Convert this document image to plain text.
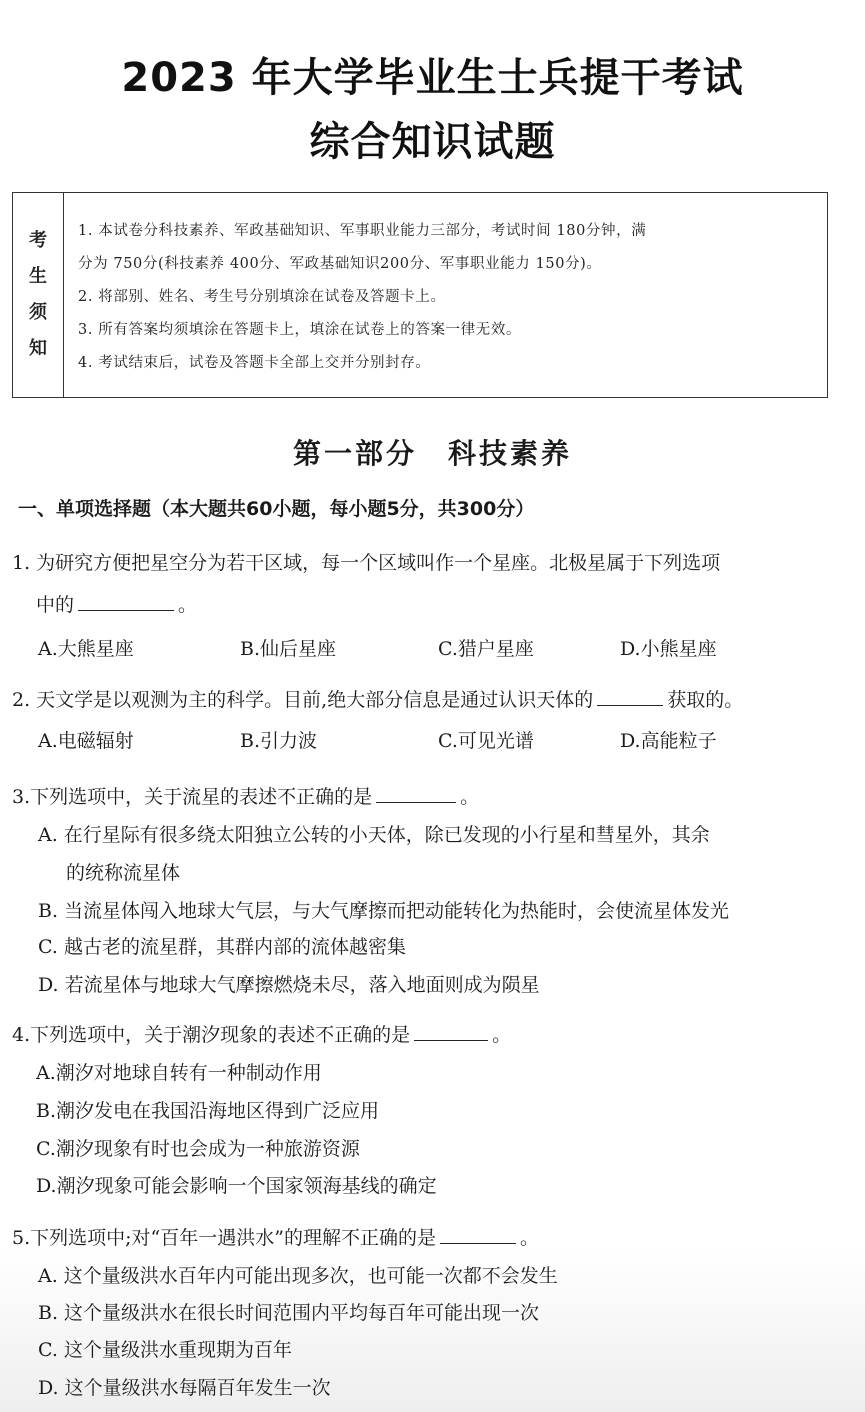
2023 年大学毕业生士兵提干考试
综合知识试题
考
生
须
知
1. 本试卷分科技素养、军政基础知识、军事职业能力三部分，考试时间 180分钟，满
分为 750分(科技素养 400分、军政基础知识200分、军事职业能力 150分)。
2. 将部别、姓名、考生号分别填涂在试卷及答题卡上。
3. 所有答案均须填涂在答题卡上，填涂在试卷上的答案一律无效。
4. 考试结束后，试卷及答题卡全部上交并分别封存。
第一部分　科技素养
一、单项选择题（本大题共60小题，每小题5分，共300分）
1. 为研究方便把星空分为若干区域，每一个区域叫作一个星座。北极星属于下列选项
中的	。
A.大熊星座	B.仙后星座	C.猎户星座	D.小熊星座
2. 天文学是以观测为主的科学。目前,绝大部分信息是通过认识天体的	获取的。
A.电磁辐射	B.引力波	C.可见光谱	D.高能粒子
3.下列选项中，关于流星的表述不正确的是	。
A. 在行星际有很多绕太阳独立公转的小天体，除已发现的小行星和彗星外，其余
的统称流星体
B. 当流星体闯入地球大气层，与大气摩擦而把动能转化为热能时，会使流星体发光
C. 越古老的流星群，其群内部的流体越密集
D. 若流星体与地球大气摩擦燃烧未尽，落入地面则成为陨星
4.下列选项中，关于潮汐现象的表述不正确的是	。
A.潮汐对地球自转有一种制动作用
B.潮汐发电在我国沿海地区得到广泛应用
C.潮汐现象有时也会成为一种旅游资源
D.潮汐现象可能会影响一个国家领海基线的确定
5.下列选项中;对“百年一遇洪水”的理解不正确的是	。
A. 这个量级洪水百年内可能出现多次，也可能一次都不会发生
B. 这个量级洪水在很长时间范围内平均每百年可能出现一次
C. 这个量级洪水重现期为百年
D. 这个量级洪水每隔百年发生一次
